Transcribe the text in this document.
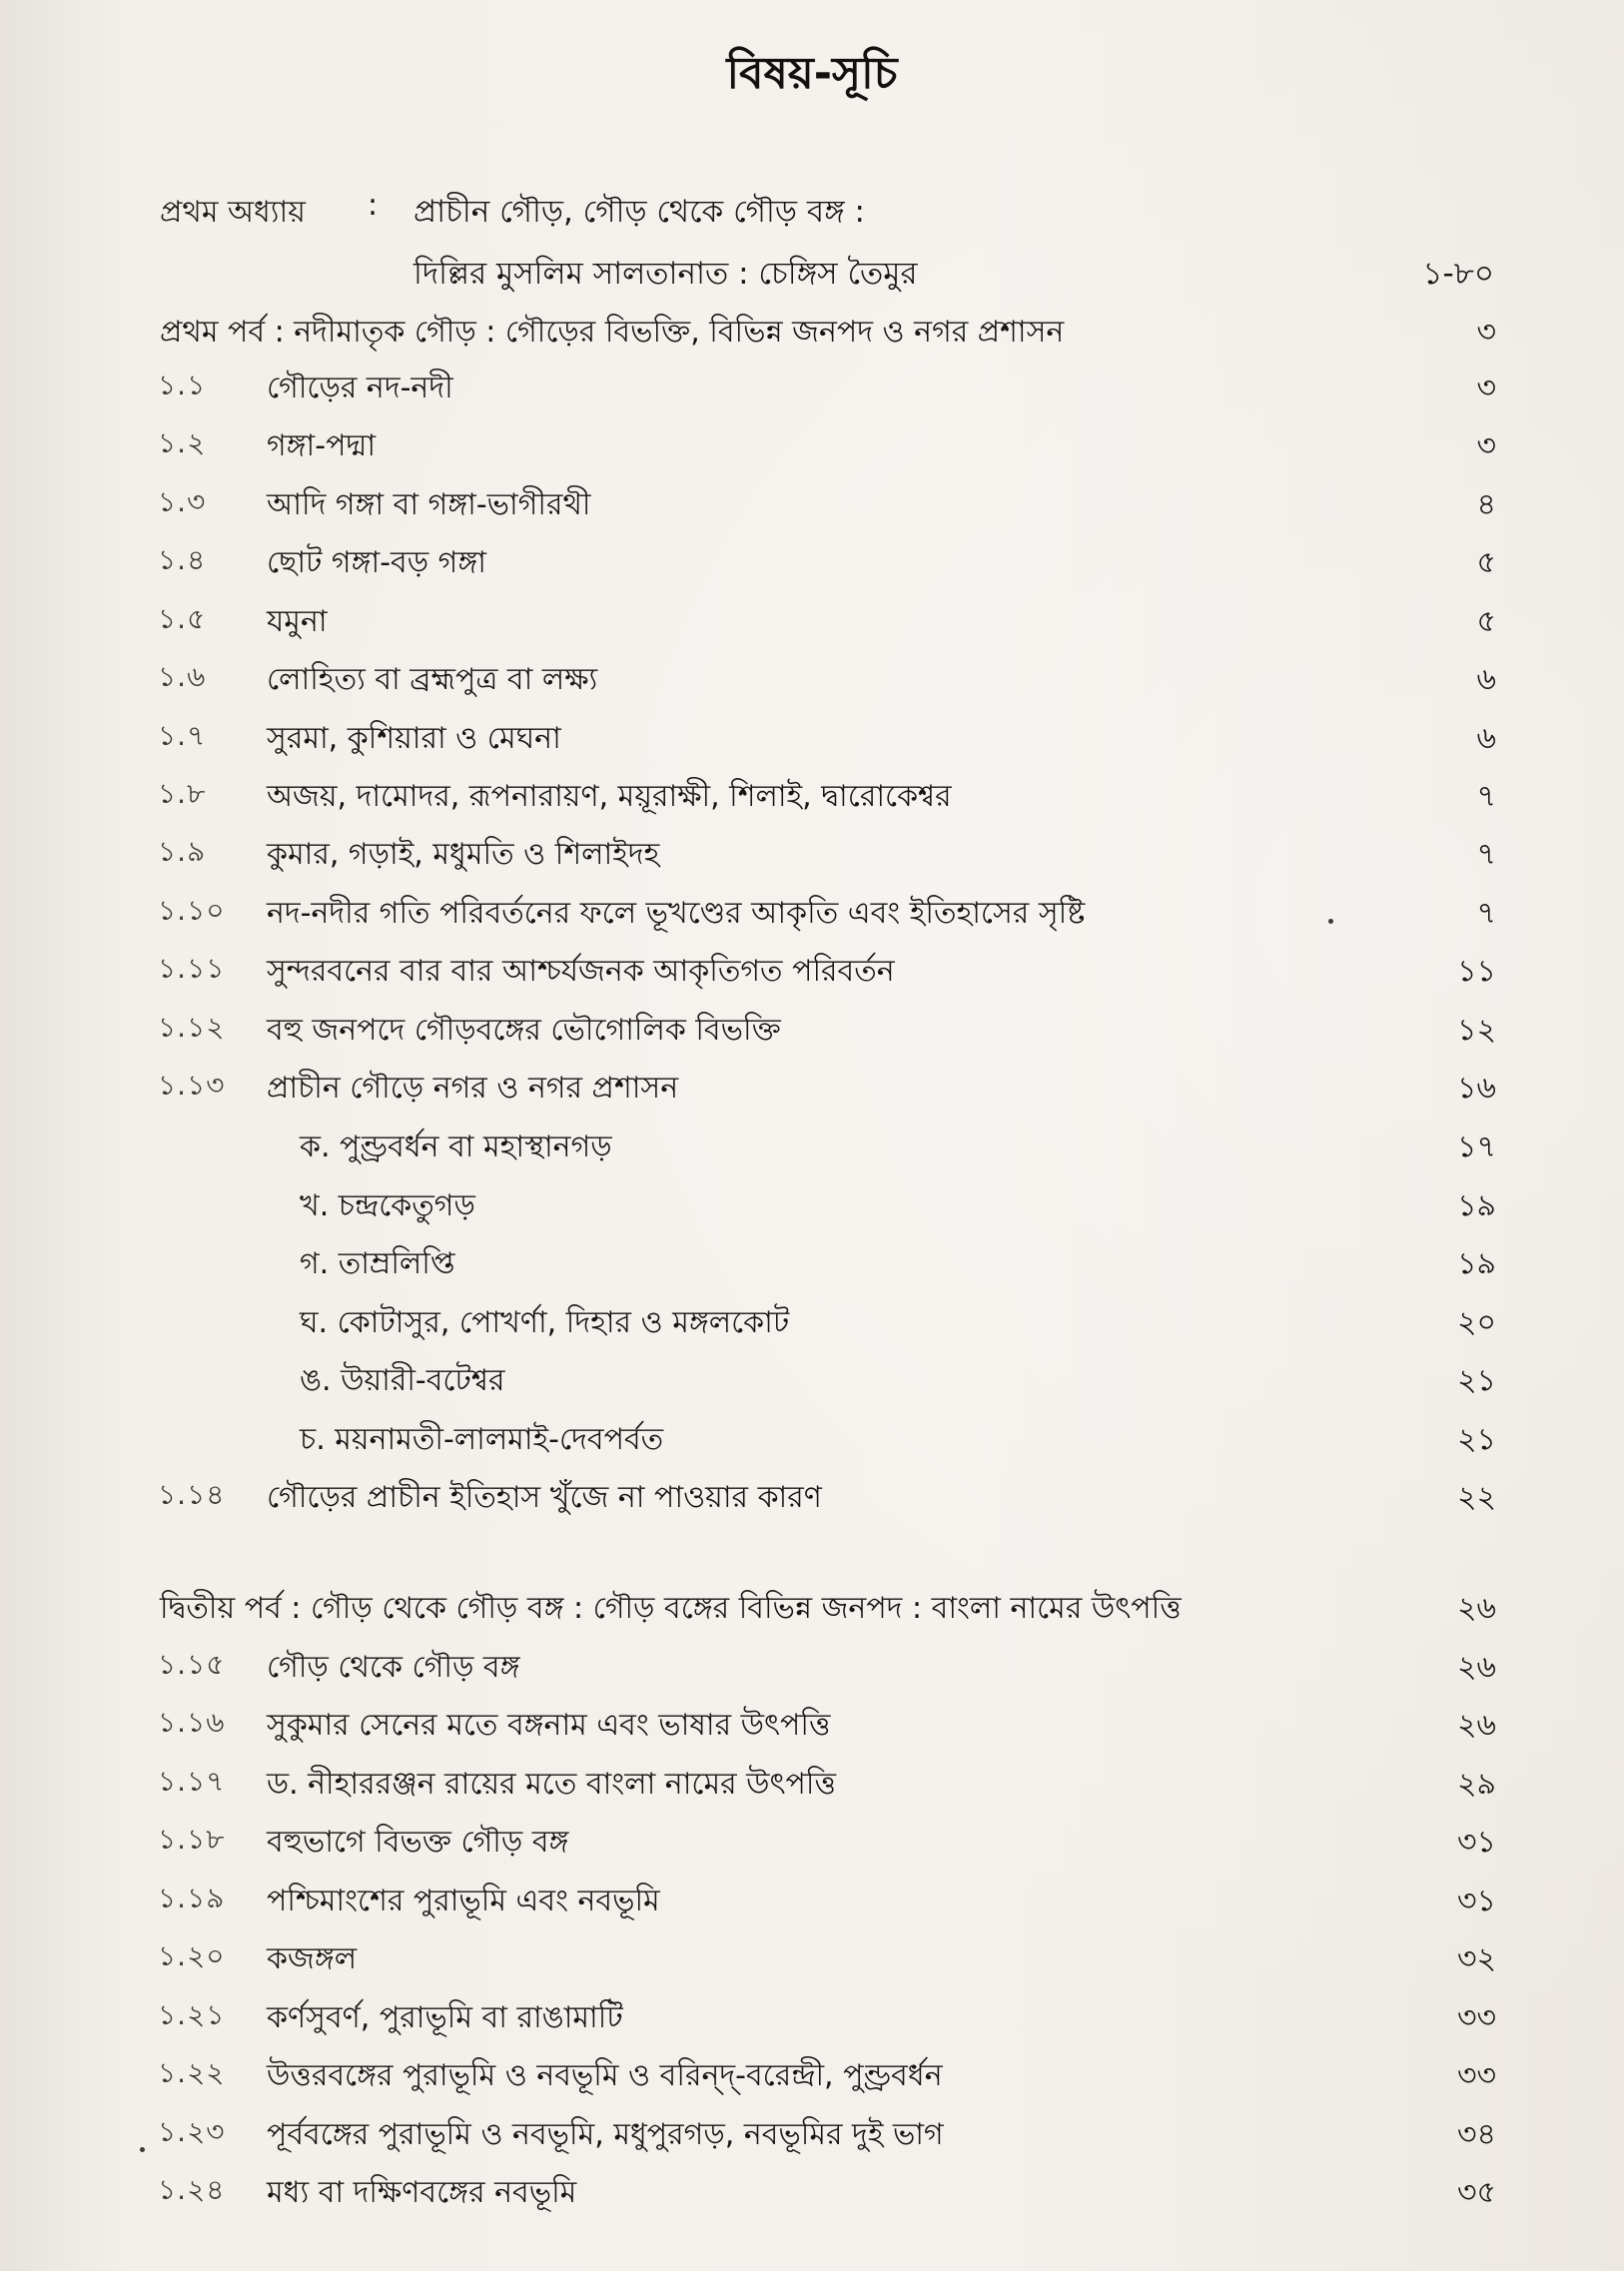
বিষয়-সূচি
প্রথম অধ্যায় : প্রাচীন গৌড়, গৌড় থেকে গৌড় বঙ্গ :
দিল্লির মুসলিম সালতানাত : চেঙ্গিস তৈমুর	১-৮০
প্রথম পর্ব : নদীমাতৃক গৌড় : গৌড়ের বিভক্তি, বিভিন্ন জনপদ ও নগর প্রশাসন	৩
১.১ গৌড়ের নদ-নদী	৩
১.২ গঙ্গা-পদ্মা	৩
১.৩ আদি গঙ্গা বা গঙ্গা-ভাগীরথী	৪
১.৪ ছোট গঙ্গা-বড় গঙ্গা	৫
১.৫ যমুনা	৫
১.৬ লোহিত্য বা ব্রহ্মপুত্র বা লক্ষ্য	৬
১.৭ সুরমা, কুশিয়ারা ও মেঘনা	৬
১.৮ অজয়, দামোদর, রূপনারায়ণ, ময়ূরাক্ষী, শিলাই, দ্বারোকেশ্বর	৭
১.৯ কুমার, গড়াই, মধুমতি ও শিলাইদহ	৭
১.১০ নদ-নদীর গতি পরিবর্তনের ফলে ভূখণ্ডের আকৃতি এবং ইতিহাসের সৃষ্টি	৭
১.১১ সুন্দরবনের বার বার আশ্চর্যজনক আকৃতিগত পরিবর্তন	১১
১.১২ বহু জনপদে গৌড়বঙ্গের ভৌগোলিক বিভক্তি	১২
১.১৩ প্রাচীন গৌড়ে নগর ও নগর প্রশাসন	১৬
ক. পুণ্ড্রবর্ধন বা মহাস্থানগড়	১৭
খ. চন্দ্রকেতুগড়	১৯
গ. তাম্রলিপ্তি	১৯
ঘ. কোটাসুর, পোখর্ণা, দিহার ও মঙ্গলকোট	২০
ঙ. উয়ারী-বটেশ্বর	২১
চ. ময়নামতী-লালমাই-দেবপর্বত	২১
১.১৪ গৌড়ের প্রাচীন ইতিহাস খুঁজে না পাওয়ার কারণ	২২
দ্বিতীয় পর্ব : গৌড় থেকে গৌড় বঙ্গ : গৌড় বঙ্গের বিভিন্ন জনপদ : বাংলা নামের উৎপত্তি	২৬
১.১৫ গৌড় থেকে গৌড় বঙ্গ	২৬
১.১৬ সুকুমার সেনের মতে বঙ্গনাম এবং ভাষার উৎপত্তি	২৬
১.১৭ ড. নীহাররঞ্জন রায়ের মতে বাংলা নামের উৎপত্তি	২৯
১.১৮ বহুভাগে বিভক্ত গৌড় বঙ্গ	৩১
১.১৯ পশ্চিমাংশের পুরাভূমি এবং নবভূমি	৩১
১.২০ কজঙ্গল	৩২
১.২১ কর্ণসুবর্ণ, পুরাভূমি বা রাঙামাটি	৩৩
১.২২ উত্তরবঙ্গের পুরাভূমি ও নবভূমি ও বরিন্দ্-বরেন্দ্রী, পুণ্ড্রবর্ধন	৩৩
১.২৩ পূর্ববঙ্গের পুরাভূমি ও নবভূমি, মধুপুরগড়, নবভূমির দুই ভাগ	৩৪
১.২৪ মধ্য বা দক্ষিণবঙ্গের নবভূমি	৩৫
